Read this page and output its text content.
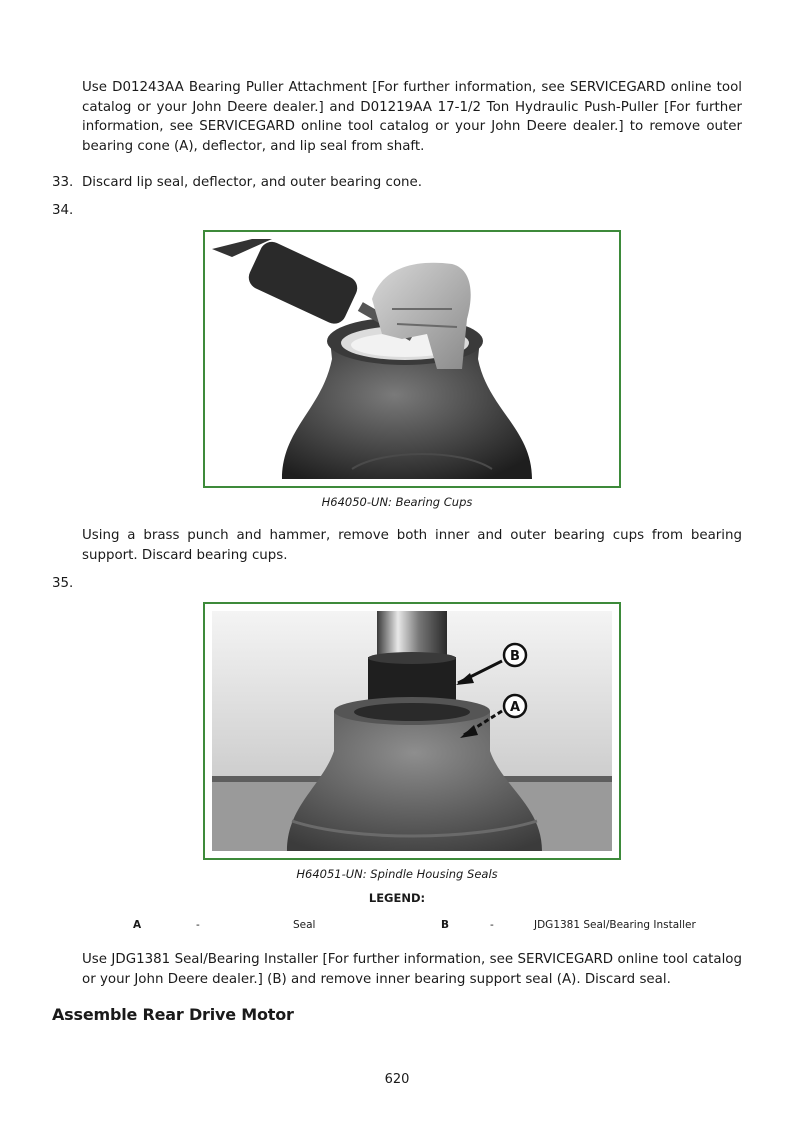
Use D01243AA Bearing Puller Attachment [For further information, see SERVICEGARD online tool catalog or your John Deere dealer.] and D01219AA 17-1/2 Ton Hydraulic Push-Puller [For further information, see SERVICEGARD online tool catalog or your John Deere dealer.] to remove outer bearing cone (A), deflector, and lip seal from shaft.

33. Discard lip seal, deflector, and outer bearing cone.

34.

H64050-UN: Bearing Cups

Using a brass punch and hammer, remove both inner and outer bearing cups from bearing support. Discard bearing cups.

35.

B
A
H64051-UN: Spindle Housing Seals
LEGEND:
A	-	Seal	B	-	JDG1381 Seal/Bearing Installer

Use JDG1381 Seal/Bearing Installer [For further information, see SERVICEGARD online tool catalog or your John Deere dealer.] (B) and remove inner bearing support seal (A). Discard seal.

Assemble Rear Drive Motor
620
